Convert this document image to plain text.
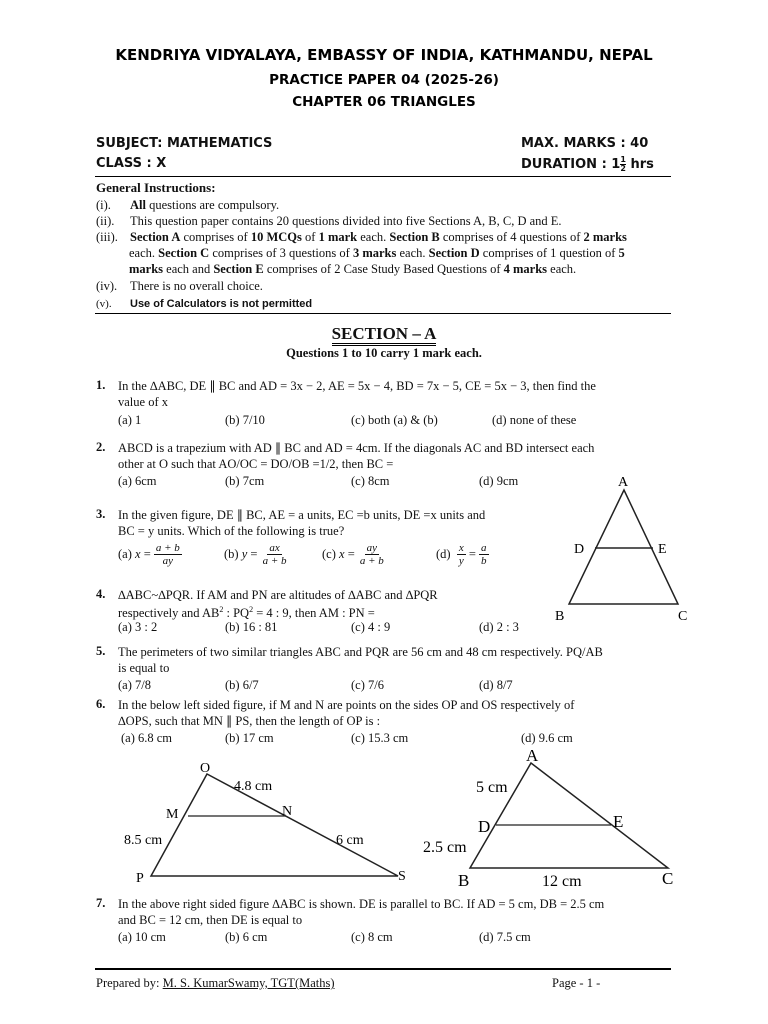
KENDRIYA VIDYALAYA, EMBASSY OF INDIA, KATHMANDU, NEPAL
PRACTICE PAPER 04 (2025-26)
CHAPTER 06 TRIANGLES
SUBJECT: MATHEMATICS
CLASS : X
MAX. MARKS : 40
DURATION : $1 \frac{1}{2}$ hrs
General Instructions:
(i). All questions are compulsory.
(ii). This question paper contains 20 questions divided into five Sections A, B, C, D and E.
(iii). Section A comprises of 10 MCQs of 1 mark each. Section B comprises of 4 questions of 2 marks
each. Section C comprises of 3 questions of 3 marks each. Section D comprises of 1 question of 5
marks each and Section E comprises of 2 Case Study Based Questions of 4 marks each.
(iv). There is no overall choice.
(v). Use of Calculators is not permitted
SECTION – A
Questions 1 to 10 carry 1 mark each.
1. In the ∆ABC, DE ∥ BC and AD = 3x − 2, AE = 5x − 4, BD = 7x − 5, CE = 5x − 3, then find the
value of x
(a) 1	(b) 7/10	(c) both (a) & (b)	(d) none of these
2. ABCD is a trapezium with AD ∥ BC and AD = 4cm. If the diagonals AC and BD intersect each
other at O such that AO/OC = DO/OB =1/2, then BC =
(a) 6cm	(b) 7cm	(c) 8cm	(d) 9cm
3. In the given figure, DE ∥ BC, AE = a units, EC =b units, DE =x units and
BC = y units. Which of the following is true?
(a)
$x = \frac{a + b}{ay}$	(b)
$y = \frac{ax}{a + b}$	(c)
$x = \frac{ay}{a + b}$	(d)
$\frac{x}{y} = \frac{a}{b}$
A
D	E
B	C
4. ∆ABC~∆PQR. If AM and PN are altitudes of ∆ABC and ∆PQR
respectively and $AB^2$ : $PQ^2 = 4$ : 9, then AM : PN =
(a) 3 : 2	(b) 16 : 81	(c) 4 : 9	(d) 2 : 3
5. The perimeters of two similar triangles ABC and PQR are 56 cm and 48 cm respectively. PQ/AB
is equal to
(a) 7/8	(b) 6/7	(c) 7/6	(d) 8/7
6. In the below left sided figure, if M and N are points on the sides OP and OS respectively of
∆OPS, such that MN ∥ PS, then the length of OP is :
(a) 6.8 cm	(b) 17 cm	(c) 15.3 cm	(d) 9.6 cm
O
M	N
P	S
4.8 cm
8.5 cm	6 cm
A
D	E
B	C
5 cm
2.5 cm
12 cm
7. In the above right sided figure ∆ABC is shown. DE is parallel to BC. If AD = 5 cm, DB = 2.5 cm
and BC = 12 cm, then DE is equal to
(a) 10 cm	(b) 6 cm	(c) 8 cm	(d) 7.5 cm
Prepared by: M. S. KumarSwamy, TGT(Maths)	Page - 1 -
